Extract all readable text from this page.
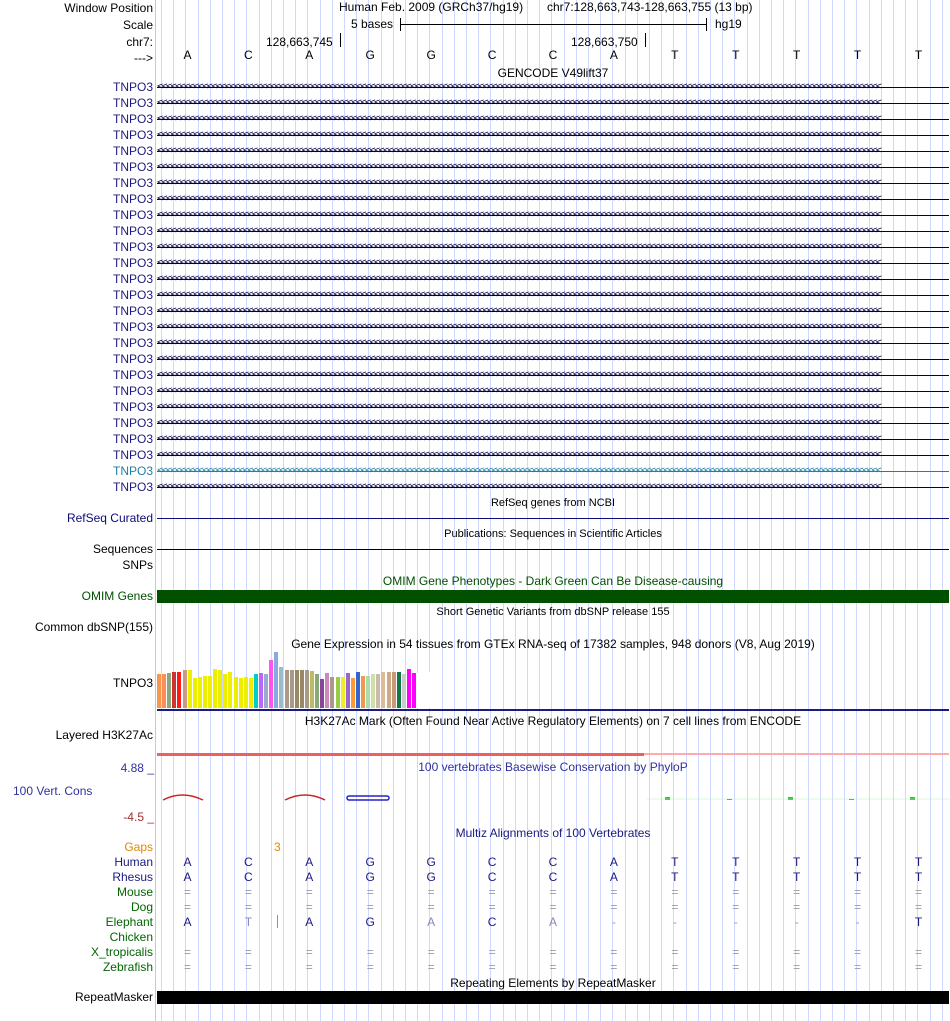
Window Position
Scale
chr7:
--->
Human Feb. 2009 (GRCh37/hg19) chr7:128,663,743-128,663,755 (13 bp)
5 bases	hg19
128,663,745	128,663,750
A	C	A	G	G	C	C	A	T	T	T	T	T
GENCODE V49lift37
TNPO3
TNPO3
TNPO3
TNPO3
TNPO3
TNPO3
TNPO3
TNPO3
TNPO3
TNPO3
TNPO3
TNPO3
TNPO3
TNPO3
TNPO3
TNPO3
TNPO3
TNPO3
TNPO3
TNPO3
TNPO3
TNPO3
TNPO3
TNPO3
TNPO3
TNPO3
RefSeq genes from NCBI
RefSeq Curated
Publications: Sequences in Scientific Articles
Sequences
SNPs
OMIM Gene Phenotypes - Dark Green Can Be Disease-causing
OMIM Genes
Short Genetic Variants from dbSNP release 155
Common dbSNP(155)
Gene Expression in 54 tissues from GTEx RNA-seq of 17382 samples, 948 donors (V8, Aug 2019)
TNPO3
H3K27Ac Mark (Often Found Near Active Regulatory Elements) on 7 cell lines from ENCODE
Layered H3K27Ac
100 vertebrates Basewise Conservation by PhyloP
4.88 _
100 Vert. Cons
-4.5 _
Multiz Alignments of 100 Vertebrates
Gaps	3
Human	A	C	A	G	G	C	C	A	T	T	T	T	T
Rhesus	A	C	A	G	G	C	C	A	T	T	T	T	T
Mouse	=	=	=	=	=	=	=	=	=	=	=	=	=
Dog	=	=	=	=	=	=	=	=	=	=	=	=	=
Elephant	A	T	A	G	A	C	A	-	-	-	-	-	T
Chicken
X_tropicalis	=	=	=	=	=	=	=	=	=	=	=	=	=
Zebrafish	=	=	=	=	=	=	=	=	=	=	=	=	=
Repeating Elements by RepeatMasker
RepeatMasker
